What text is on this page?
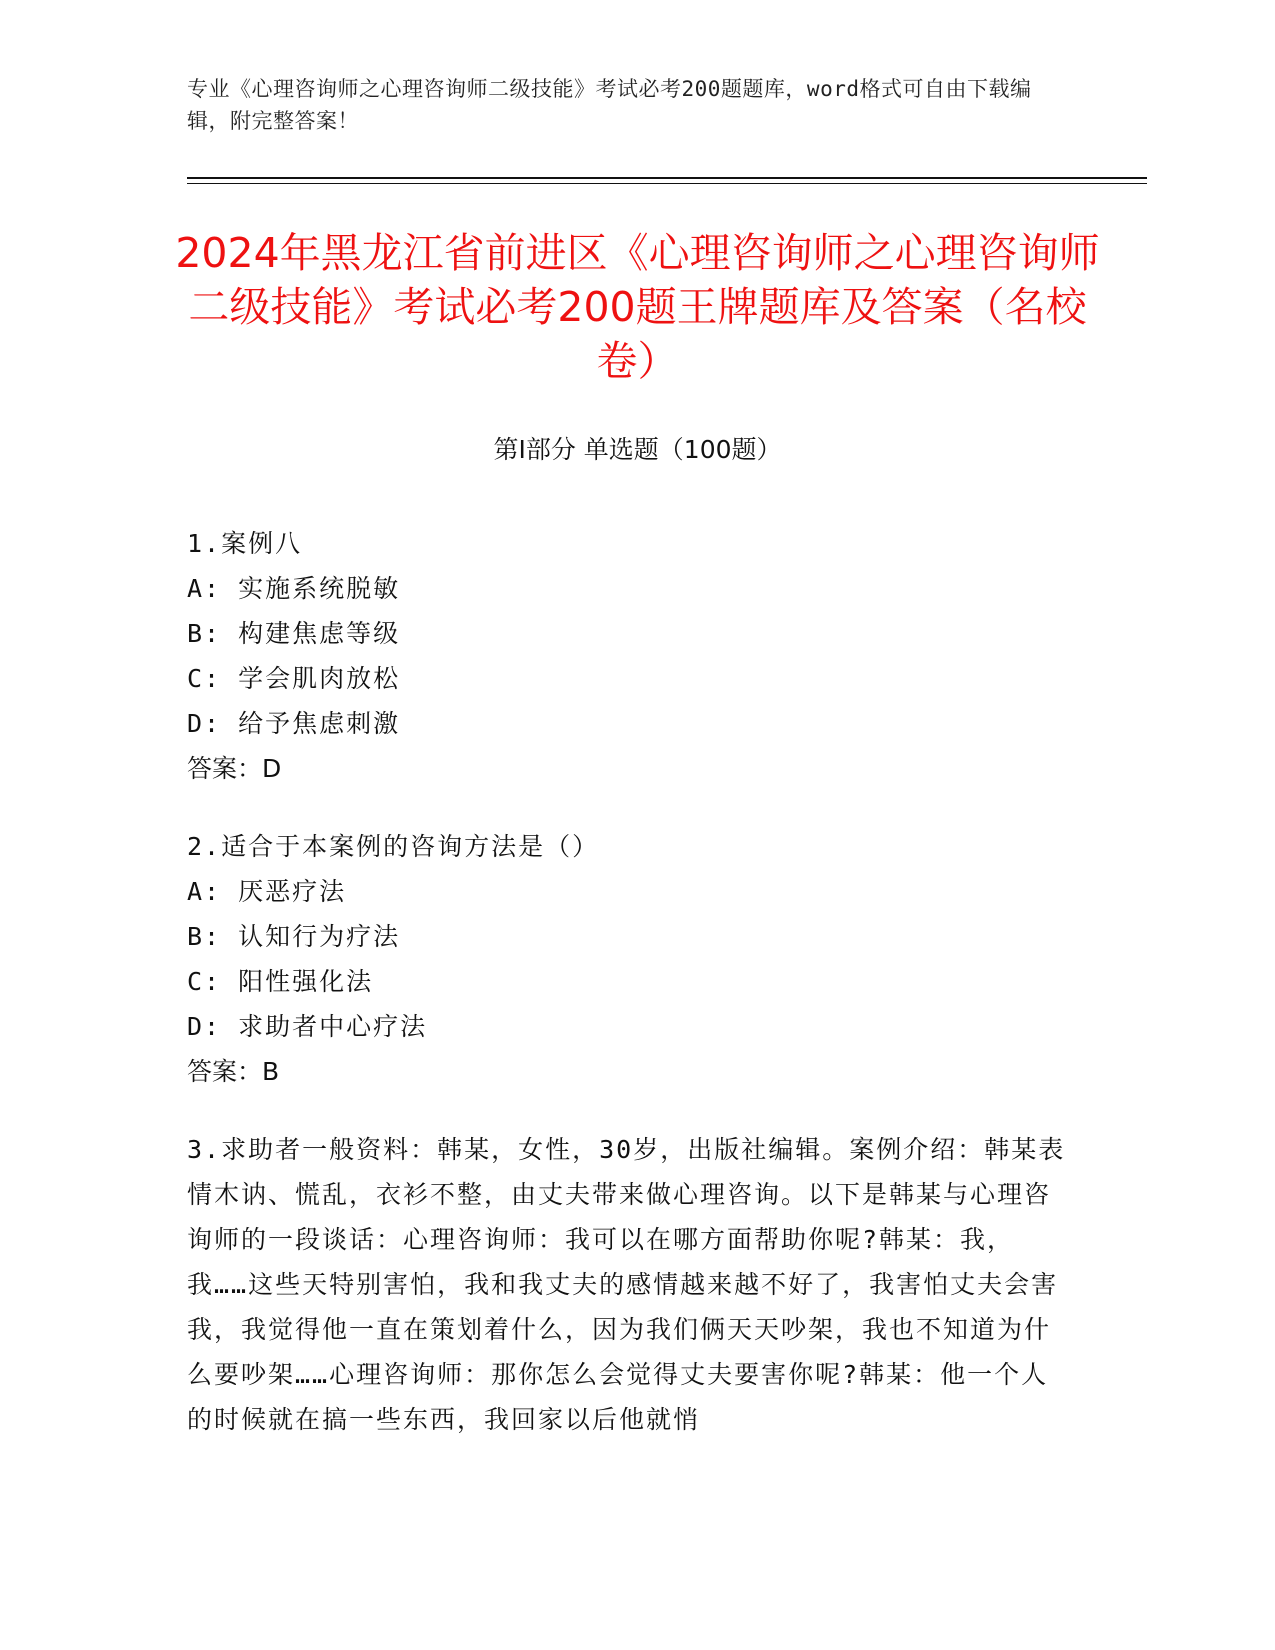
专业《心理咨询师之心理咨询师二级技能》考试必考200题题库，word格式可自由下载编辑，附完整答案！
2024年黑龙江省前进区《心理咨询师之心理咨询师二级技能》考试必考200题王牌题库及答案（名校卷）
第I部分 单选题（100题）
1.案例八
A: 实施系统脱敏
B: 构建焦虑等级
C: 学会肌肉放松
D: 给予焦虑刺激
答案：D
2.适合于本案例的咨询方法是（）
A: 厌恶疗法
B: 认知行为疗法
C: 阳性强化法
D: 求助者中心疗法
答案：B
3.求助者一般资料：韩某，女性，30岁，出版社编辑。案例介绍：韩某表情木讷、慌乱，衣衫不整，由丈夫带来做心理咨询。以下是韩某与心理咨询师的一段谈话：心理咨询师：我可以在哪方面帮助你呢?韩某：我，我……这些天特别害怕，我和我丈夫的感情越来越不好了，我害怕丈夫会害我，我觉得他一直在策划着什么，因为我们俩天天吵架，我也不知道为什么要吵架……心理咨询师：那你怎么会觉得丈夫要害你呢?韩某：他一个人的时候就在搞一些东西，我回家以后他就悄
